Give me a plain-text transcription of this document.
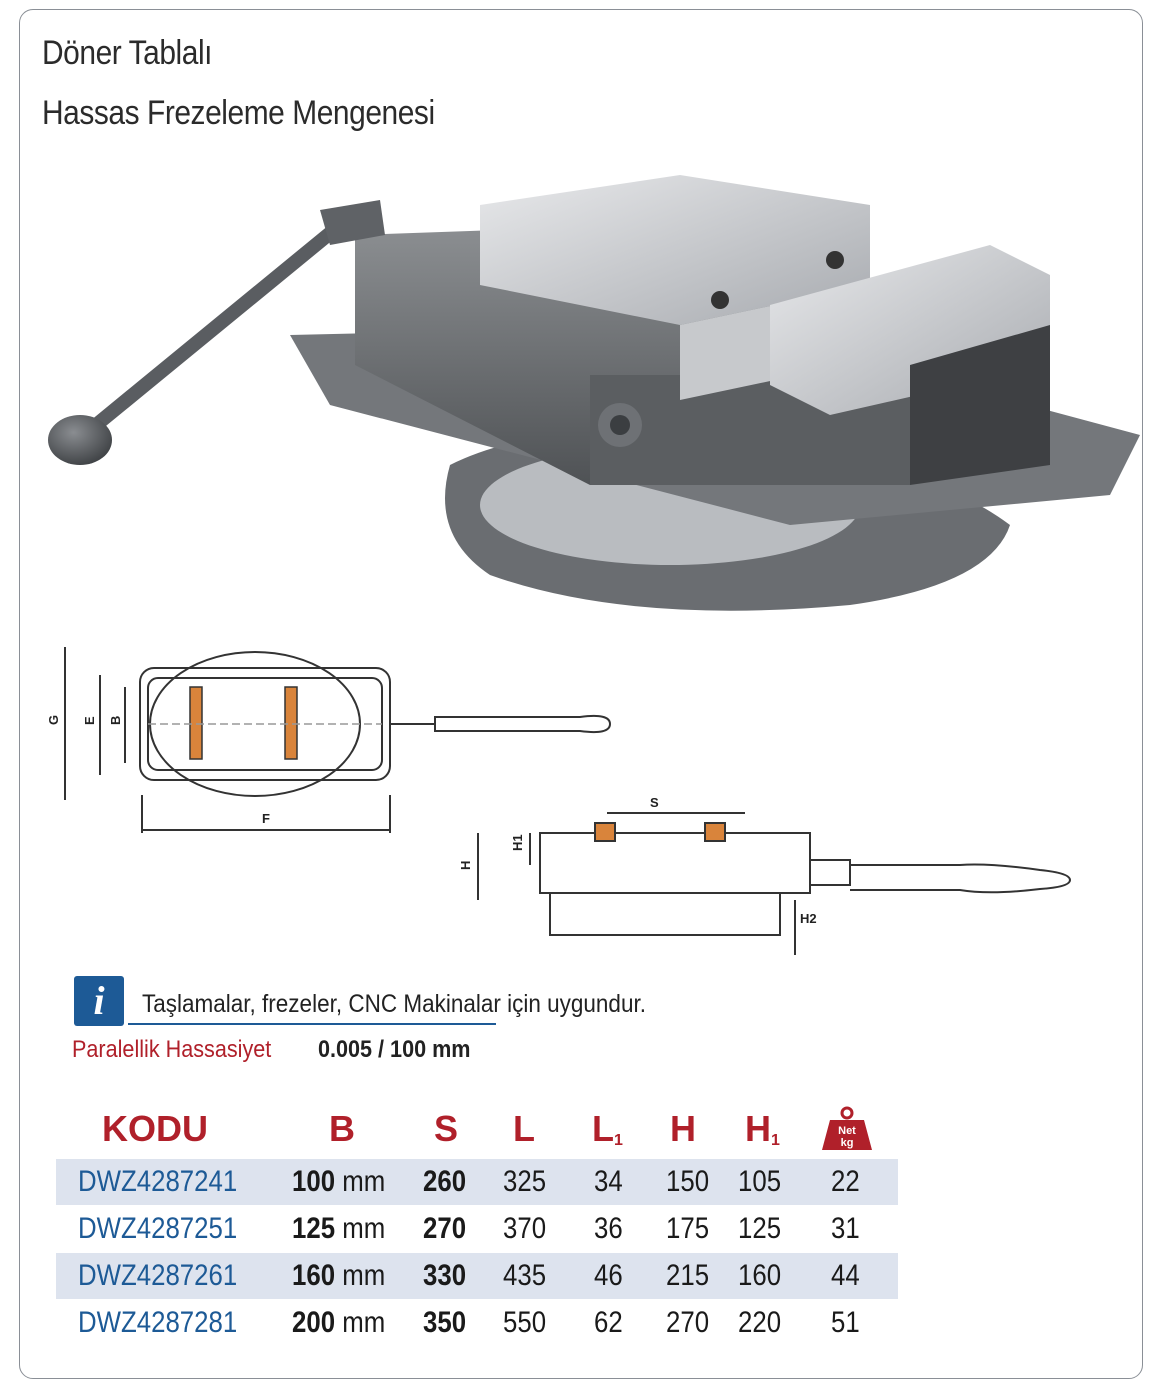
Döner Tablalı
Hassas Frezeleme Mengenesi
G E B
F
S
H
H1
H2
i	Taşlamalar, frezeler, CNC Makinalar için uygundur.
Paralellik Hassasiyet 0.005 / 100 mm
KODU	B S L $L_1$ H $H_1$
Net
kg
DWZ4287241 100 mm 260 325 34 150 105 22
DWZ4287251 125 mm 270 370 36 175 125 31
DWZ4287261 160 mm 330 435 46 215 160 44
DWZ4287281 200 mm 350 550 62 270 220 51
